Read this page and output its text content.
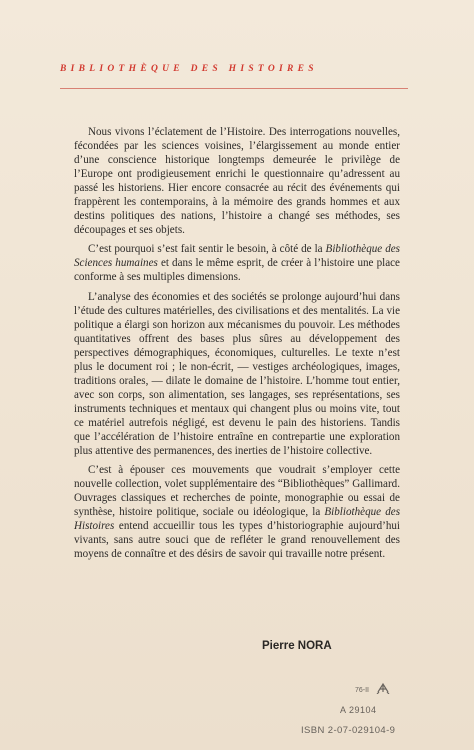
BIBLIOTHÈQUE DES HISTOIRES

Nous vivons l’éclatement de l’Histoire. Des interrogations nouvelles, fécondées par les sciences voisines, l’élargissement au monde entier d’une conscience historique longtemps demeurée le privilège de l’Europe ont prodigieusement enrichi le questionnaire qu’adressent au passé les historiens. Hier encore consacrée au récit des événements qui frappèrent les contemporains, à la mémoire des grands hommes et aux destins politiques des nations, l’histoire a changé ses méthodes, ses découpages et ses objets.

C’est pourquoi s’est fait sentir le besoin, à côté de la Bibliothèque des Sciences humaines et dans le même esprit, de créer à l’histoire une place conforme à ses multiples dimensions.

L’analyse des économies et des sociétés se prolonge aujourd’hui dans l’étude des cultures matérielles, des civilisations et des mentalités. La vie politique a élargi son horizon aux mécanismes du pouvoir. Les méthodes quantitatives offrent des bases plus sûres au développement des perspectives démographiques, économiques, culturelles. Le texte n’est plus le document roi ; le non-écrit, — vestiges archéologiques, images, traditions orales, — dilate le domaine de l’histoire. L’homme tout entier, avec son corps, son alimentation, ses langages, ses représentations, ses instruments techniques et mentaux qui changent plus ou moins vite, tout ce matériel autrefois négligé, est devenu le pain des historiens. Tandis que l’accélération de l’histoire entraîne en contrepartie une exploration plus attentive des permanences, des inerties de l’histoire collective.

C’est à épouser ces mouvements que voudrait s’employer cette nouvelle collection, volet supplémentaire des “Bibliothèques” Gallimard. Ouvrages classiques et recherches de pointe, monographie ou essai de synthèse, histoire politique, sociale ou idéologique, la Bibliothèque des Histoires entend accueillir tous les types d’historiographie aujourd’hui vivants, sans autre souci que de refléter le grand renouvellement des moyens de connaître et des désirs de savoir qui travaille notre présent.

Pierre NORA
76-II
A 29104
ISBN 2-07-029104-9
